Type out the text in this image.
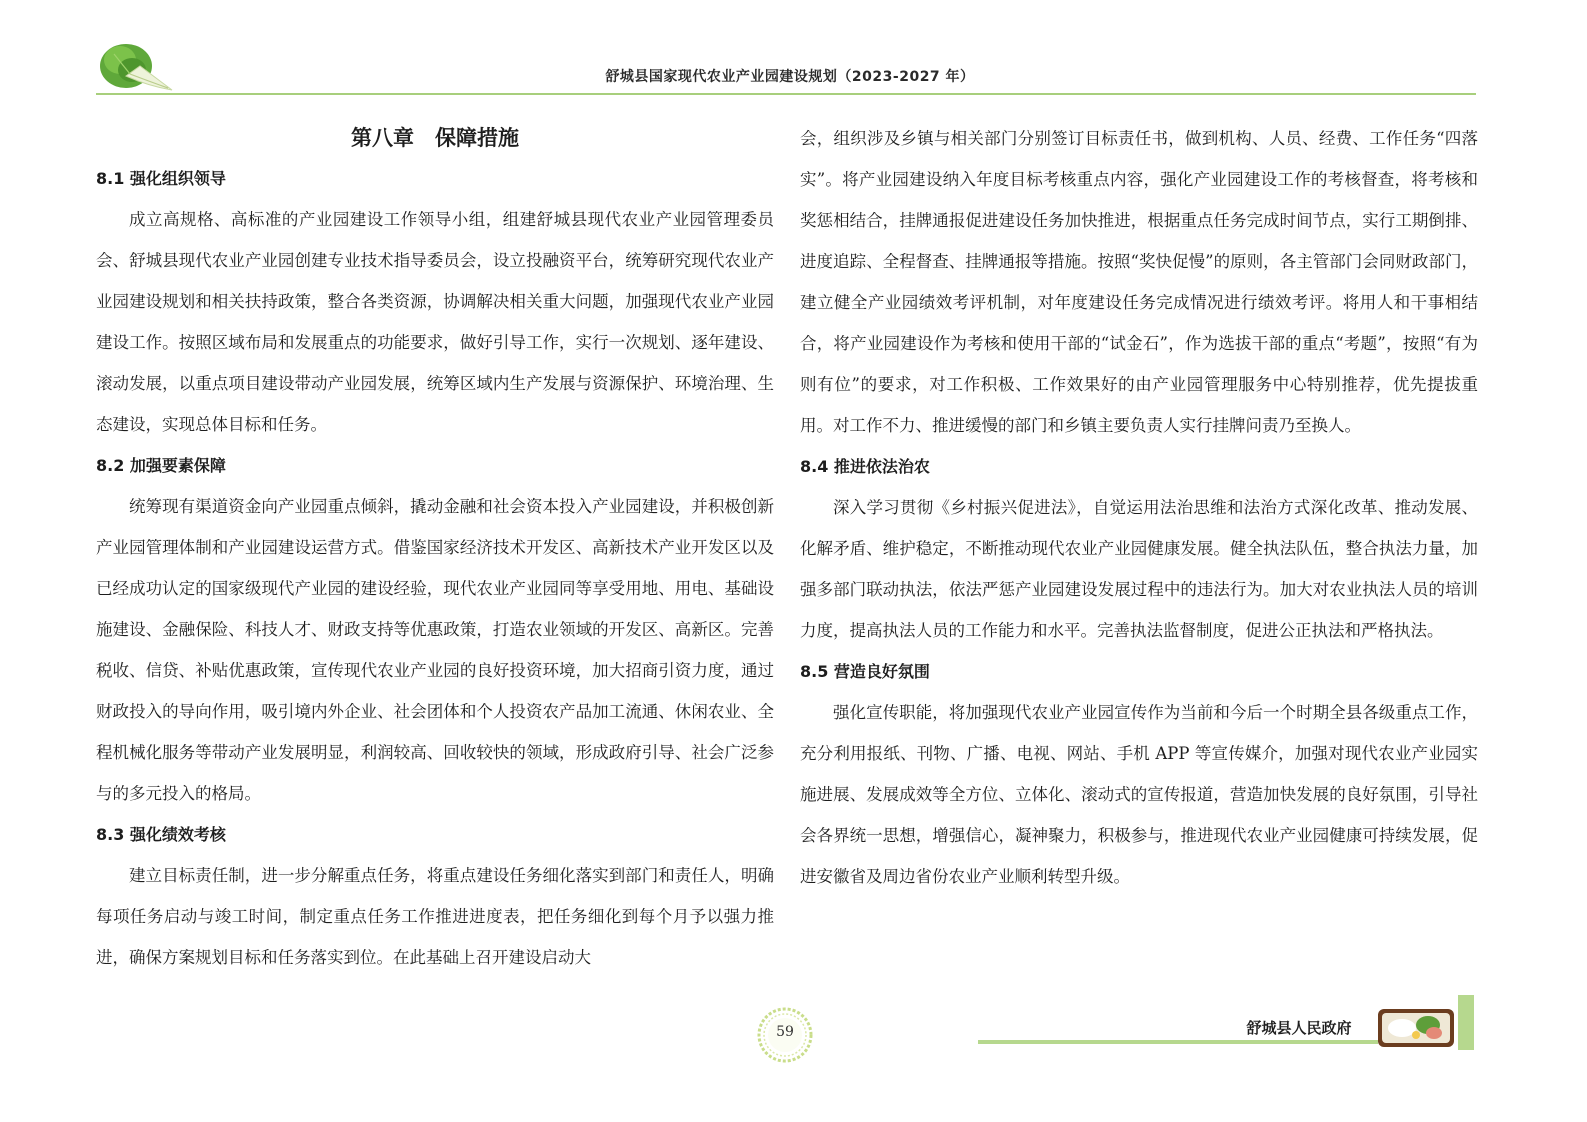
舒城县国家现代农业产业园建设规划（2023-2027 年）
第八章　保障措施
8.1 强化组织领导

成立高规格、高标准的产业园建设工作领导小组，组建舒城县现代农业产业园管理委员会、舒城县现代农业产业园创建专业技术指导委员会，设立投融资平台，统筹研究现代农业产业园建设规划和相关扶持政策，整合各类资源，协调解决相关重大问题，加强现代农业产业园建设工作。按照区域布局和发展重点的功能要求，做好引导工作，实行一次规划、逐年建设、滚动发展，以重点项目建设带动产业园发展，统筹区域内生产发展与资源保护、环境治理、生态建设，实现总体目标和任务。

8.2 加强要素保障

统筹现有渠道资金向产业园重点倾斜，撬动金融和社会资本投入产业园建设，并积极创新产业园管理体制和产业园建设运营方式。借鉴国家经济技术开发区、高新技术产业开发区以及已经成功认定的国家级现代产业园的建设经验，现代农业产业园同等享受用地、用电、基础设施建设、金融保险、科技人才、财政支持等优惠政策，打造农业领域的开发区、高新区。完善税收、信贷、补贴优惠政策，宣传现代农业产业园的良好投资环境，加大招商引资力度，通过财政投入的导向作用，吸引境内外企业、社会团体和个人投资农产品加工流通、休闲农业、全程机械化服务等带动产业发展明显，利润较高、回收较快的领域，形成政府引导、社会广泛参与的多元投入的格局。

8.3 强化绩效考核

建立目标责任制，进一步分解重点任务，将重点建设任务细化落实到部门和责任人，明确每项任务启动与竣工时间，制定重点任务工作推进进度表，把任务细化到每个月予以强力推进，确保方案规划目标和任务落实到位。在此基础上召开建设启动大

会，组织涉及乡镇与相关部门分别签订目标责任书，做到机构、人员、经费、工作任务“四落实”。将产业园建设纳入年度目标考核重点内容，强化产业园建设工作的考核督查，将考核和奖惩相结合，挂牌通报促进建设任务加快推进，根据重点任务完成时间节点，实行工期倒排、进度追踪、全程督查、挂牌通报等措施。按照“奖快促慢”的原则，各主管部门会同财政部门，建立健全产业园绩效考评机制，对年度建设任务完成情况进行绩效考评。将用人和干事相结合，将产业园建设作为考核和使用干部的“试金石”，作为选拔干部的重点“考题”，按照“有为则有位”的要求，对工作积极、工作效果好的由产业园管理服务中心特别推荐，优先提拔重用。对工作不力、推进缓慢的部门和乡镇主要负责人实行挂牌问责乃至换人。

8.4 推进依法治农

深入学习贯彻《乡村振兴促进法》，自觉运用法治思维和法治方式深化改革、推动发展、化解矛盾、维护稳定，不断推动现代农业产业园健康发展。健全执法队伍，整合执法力量，加强多部门联动执法，依法严惩产业园建设发展过程中的违法行为。加大对农业执法人员的培训力度，提高执法人员的工作能力和水平。完善执法监督制度，促进公正执法和严格执法。

8.5 营造良好氛围

强化宣传职能，将加强现代农业产业园宣传作为当前和今后一个时期全县各级重点工作，充分利用报纸、刊物、广播、电视、网站、手机 APP 等宣传媒介，加强对现代农业产业园实施进展、发展成效等全方位、立体化、滚动式的宣传报道，营造加快发展的良好氛围，引导社会各界统一思想，增强信心，凝神聚力，积极参与，推进现代农业产业园健康可持续发展，促进安徽省及周边省份农业产业顺利转型升级。

59	舒城县人民政府
